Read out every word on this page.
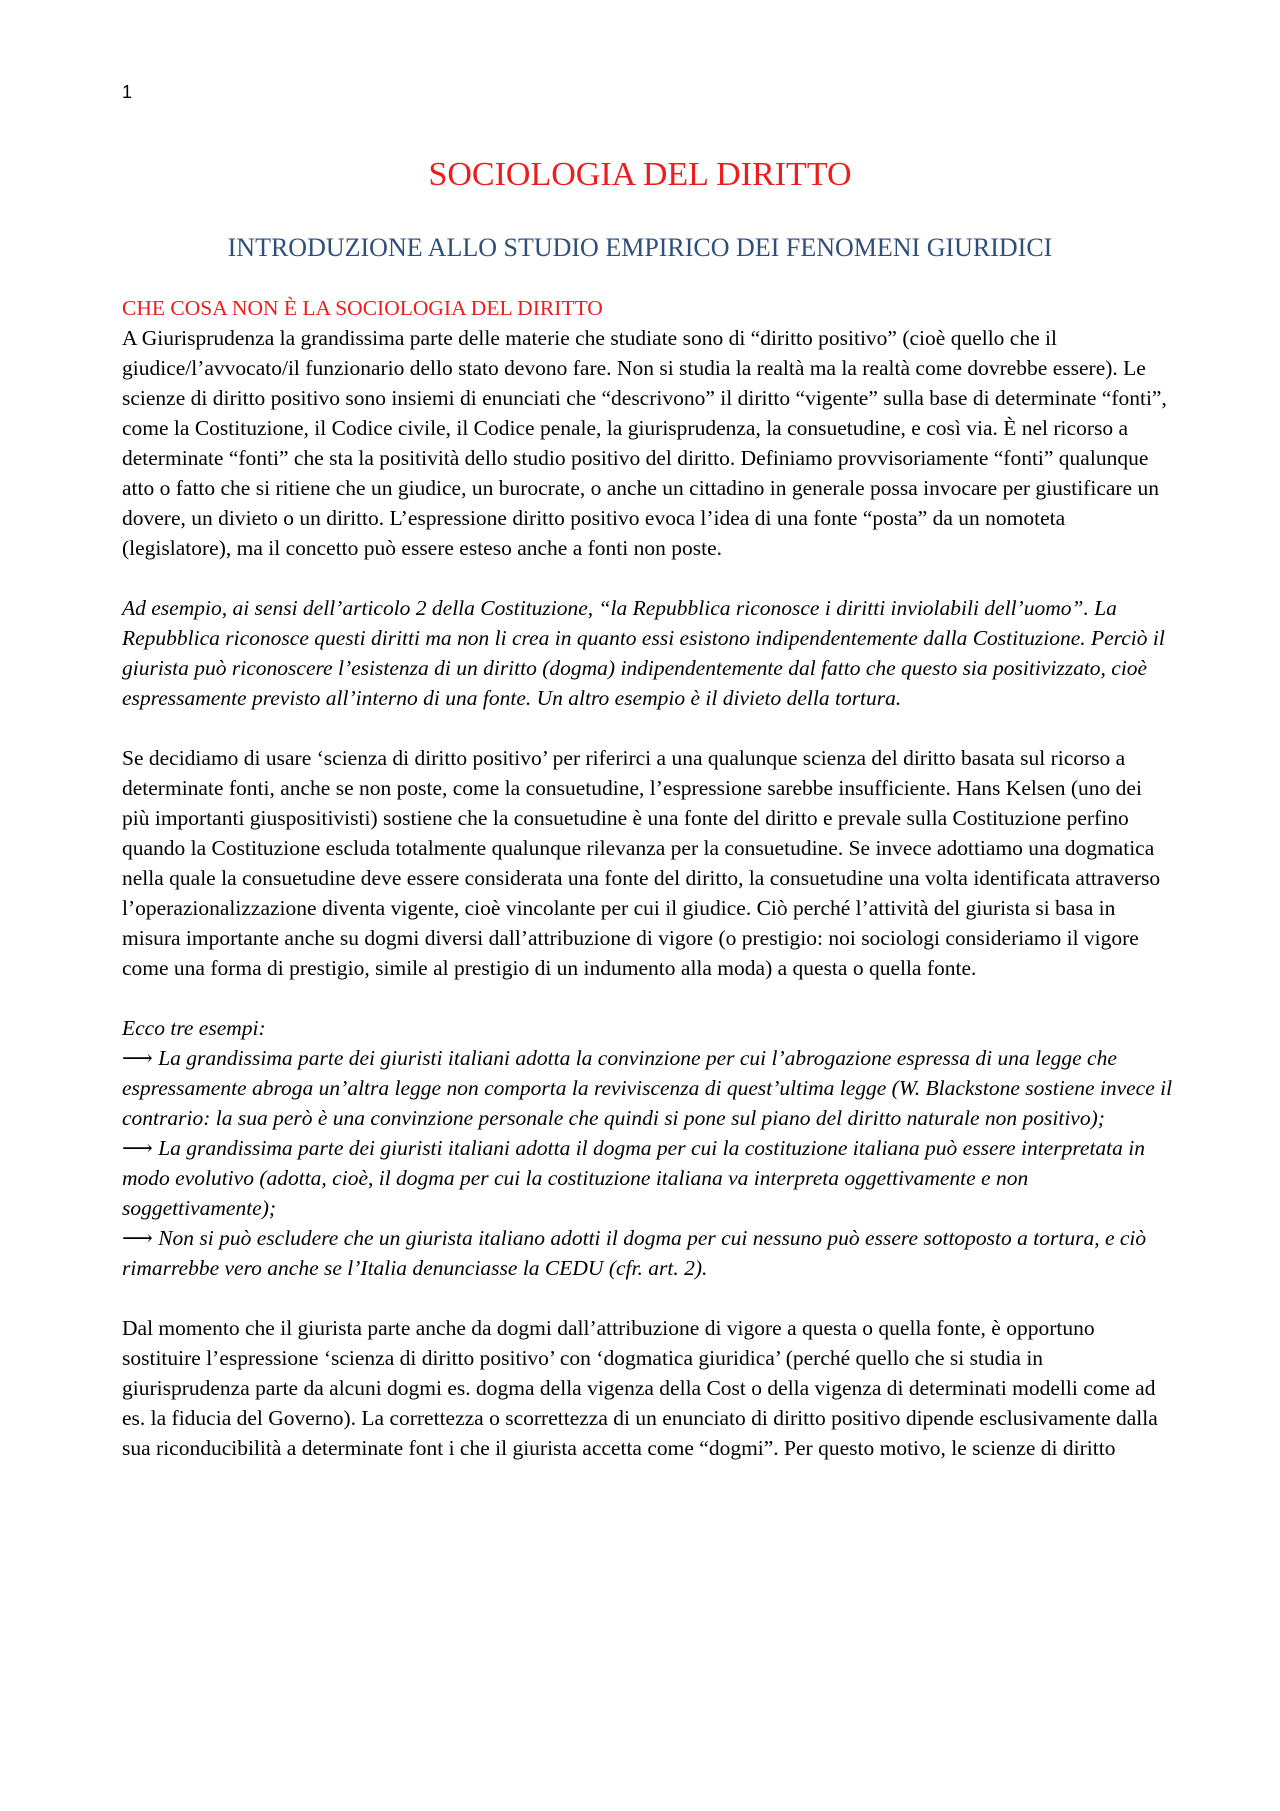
1
SOCIOLOGIA DEL DIRITTO
INTRODUZIONE ALLO STUDIO EMPIRICO DEI FENOMENI GIURIDICI
CHE COSA NON È LA SOCIOLOGIA DEL DIRITTO

A Giurisprudenza la grandissima parte delle materie che studiate sono di “diritto positivo” (cioè quello che il giudice/l’avvocato/il funzionario dello stato devono fare. Non si studia la realtà ma la realtà come dovrebbe essere). Le scienze di diritto positivo sono insiemi di enunciati che “descrivono” il diritto “vigente” sulla base di determinate “fonti”, come la Costituzione, il Codice civile, il Codice penale, la giurisprudenza, la consuetudine, e così via. È nel ricorso a determinate “fonti” che sta la positività dello studio positivo del diritto. Definiamo provvisoriamente “fonti” qualunque atto o fatto che si ritiene che un giudice, un burocrate, o anche un cittadino in generale possa invocare per giustificare un dovere, un divieto o un diritto. L’espressione diritto positivo evoca l’idea di una fonte “posta” da un nomoteta (legislatore), ma il concetto può essere esteso anche a fonti non poste.

Ad esempio, ai sensi dell’articolo 2 della Costituzione, “la Repubblica riconosce i diritti inviolabili dell’uomo”. La Repubblica riconosce questi diritti ma non li crea in quanto essi esistono indipendentemente dalla Costituzione. Perciò il giurista può riconoscere l’esistenza di un diritto (dogma) indipendentemente dal fatto che questo sia positivizzato, cioè espressamente previsto all’interno di una fonte. Un altro esempio è il divieto della tortura.

Se decidiamo di usare ‘scienza di diritto positivo’ per riferirci a una qualunque scienza del diritto basata sul ricorso a determinate fonti, anche se non poste, come la consuetudine, l’espressione sarebbe insufficiente. Hans Kelsen (uno dei più importanti giuspositivisti) sostiene che la consuetudine è una fonte del diritto e prevale sulla Costituzione perfino quando la Costituzione escluda totalmente qualunque rilevanza per la consuetudine. Se invece adottiamo una dogmatica nella quale la consuetudine deve essere considerata una fonte del diritto, la consuetudine una volta identificata attraverso l’operazionalizzazione diventa vigente, cioè vincolante per cui il giudice. Ciò perché l’attività del giurista si basa in misura importante anche su dogmi diversi dall’attribuzione di vigore (o prestigio: noi sociologi consideriamo il vigore come una forma di prestigio, simile al prestigio di un indumento alla moda) a questa o quella fonte.

Ecco tre esempi:

⟶ La grandissima parte dei giuristi italiani adotta la convinzione per cui l’abrogazione espressa di una legge che espressamente abroga un’altra legge non comporta la reviviscenza di quest’ultima legge (W. Blackstone sostiene invece il contrario: la sua però è una convinzione personale che quindi si pone sul piano del diritto naturale non positivo);

⟶ La grandissima parte dei giuristi italiani adotta il dogma per cui la costituzione italiana può essere interpretata in modo evolutivo (adotta, cioè, il dogma per cui la costituzione italiana va interpreta oggettivamente e non soggettivamente);

⟶ Non si può escludere che un giurista italiano adotti il dogma per cui nessuno può essere sottoposto a tortura, e ciò rimarrebbe vero anche se l’Italia denunciasse la CEDU (cfr. art. 2).

Dal momento che il giurista parte anche da dogmi dall’attribuzione di vigore a questa o quella fonte, è opportuno sostituire l’espressione ‘scienza di diritto positivo’ con ‘dogmatica giuridica’ (perché quello che si studia in giurisprudenza parte da alcuni dogmi es. dogma della vigenza della Cost o della vigenza di determinati modelli come ad es. la fiducia del Governo). La correttezza o scorrettezza di un enunciato di diritto positivo dipende esclusivamente dalla sua riconducibilità a determinate font i che il giurista accetta come “dogmi”. Per questo motivo, le scienze di diritto
